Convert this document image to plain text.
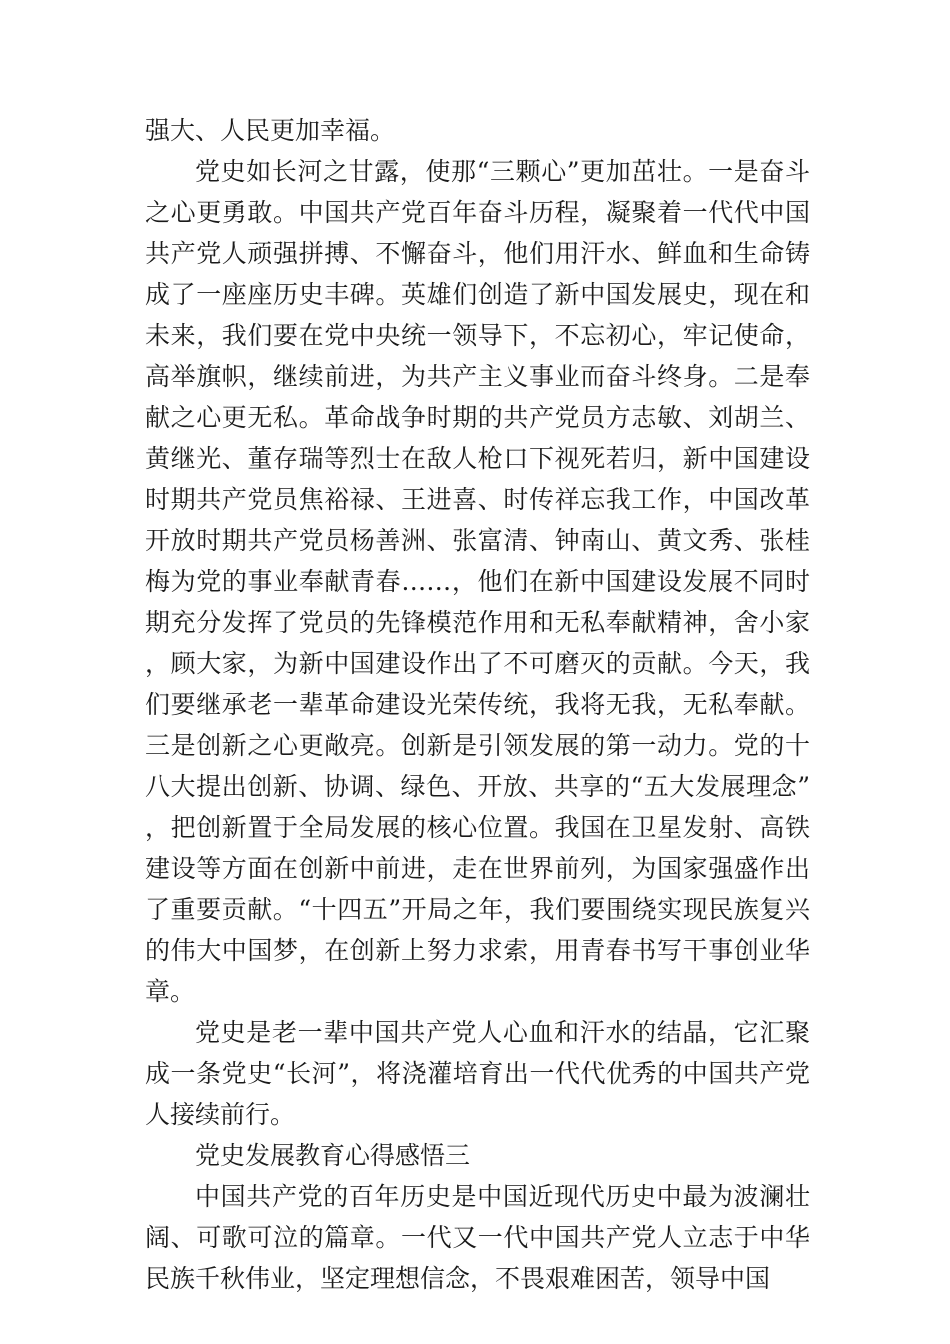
强大、人民更加幸福。

党史如长河之甘露，使那“三颗心”更加茁壮。一是奋斗之心更勇敢。中国共产党百年奋斗历程，凝聚着一代代中国共产党人顽强拼搏、不懈奋斗，他们用汗水、鲜血和生命铸成了一座座历史丰碑。英雄们创造了新中国发展史，现在和未来，我们要在党中央统一领导下，不忘初心，牢记使命，高举旗帜，继续前进，为共产主义事业而奋斗终身。二是奉献之心更无私。革命战争时期的共产党员方志敏、刘胡兰、黄继光、董存瑞等烈士在敌人枪口下视死若归，新中国建设时期共产党员焦裕禄、王进喜、时传祥忘我工作，中国改革开放时期共产党员杨善洲、张富清、钟南山、黄文秀、张桂梅为党的事业奉献青春……，他们在新中国建设发展不同时期充分发挥了党员的先锋模范作用和无私奉献精神，舍小家，顾大家，为新中国建设作出了不可磨灭的贡献。今天，我们要继承老一辈革命建设光荣传统，我将无我，无私奉献。三是创新之心更敞亮。创新是引领发展的第一动力。党的十八大提出创新、协调、绿色、开放、共享的“五大发展理念”，把创新置于全局发展的核心位置。我国在卫星发射、高铁建设等方面在创新中前进，走在世界前列，为国家强盛作出了重要贡献。“十四五”开局之年，我们要围绕实现民族复兴的伟大中国梦，在创新上努力求索，用青春书写干事创业华章。

党史是老一辈中国共产党人心血和汗水的结晶，它汇聚成一条党史“长河”，将浇灌培育出一代代优秀的中国共产党人接续前行。

党史发展教育心得感悟三

中国共产党的百年历史是中国近现代历史中最为波澜壮阔、可歌可泣的篇章。一代又一代中国共产党人立志于中华民族千秋伟业，坚定理想信念，不畏艰难困苦，领导中国
